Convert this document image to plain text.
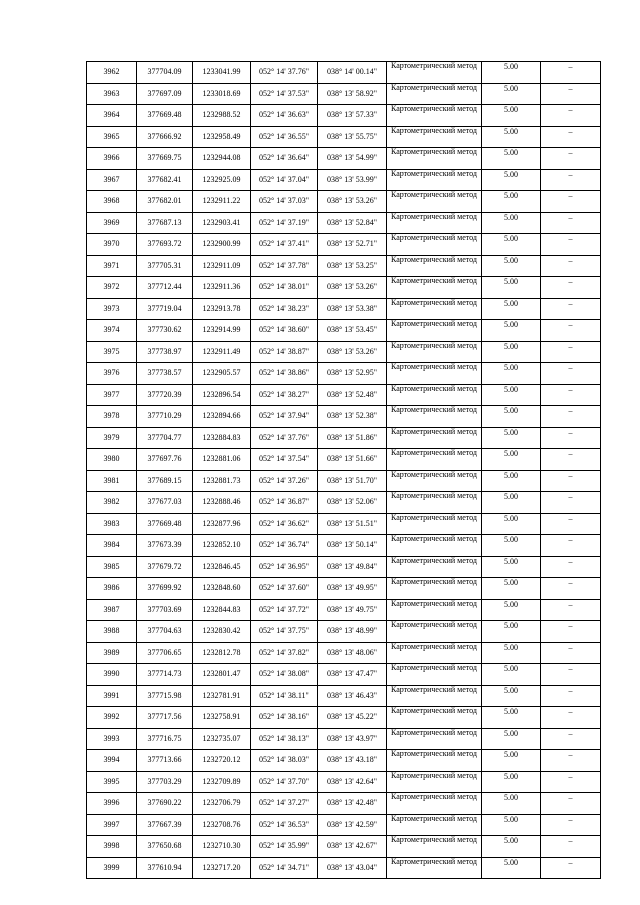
3962	377704.09	1233041.99	052° 14' 37.76"	038° 14' 00.14"	Картометрический метод	5.00	–
3963	377697.09	1233018.69	052° 14' 37.53"	038° 13' 58.92"	Картометрический метод	5.00	–
3964	377669.48	1232988.52	052° 14' 36.63"	038° 13' 57.33"	Картометрический метод	5.00	–
3965	377666.92	1232958.49	052° 14' 36.55"	038° 13' 55.75"	Картометрический метод	5.00	–
3966	377669.75	1232944.08	052° 14' 36.64"	038° 13' 54.99"	Картометрический метод	5.00	–
3967	377682.41	1232925.09	052° 14' 37.04"	038° 13' 53.99"	Картометрический метод	5.00	–
3968	377682.01	1232911.22	052° 14' 37.03"	038° 13' 53.26"	Картометрический метод	5.00	–
3969	377687.13	1232903.41	052° 14' 37.19"	038° 13' 52.84"	Картометрический метод	5.00	–
3970	377693.72	1232900.99	052° 14' 37.41"	038° 13' 52.71"	Картометрический метод	5.00	–
3971	377705.31	1232911.09	052° 14' 37.78"	038° 13' 53.25"	Картометрический метод	5.00	–
3972	377712.44	1232911.36	052° 14' 38.01"	038° 13' 53.26"	Картометрический метод	5.00	–
3973	377719.04	1232913.78	052° 14' 38.23"	038° 13' 53.38"	Картометрический метод	5.00	–
3974	377730.62	1232914.99	052° 14' 38.60"	038° 13' 53.45"	Картометрический метод	5.00	–
3975	377738.97	1232911.49	052° 14' 38.87"	038° 13' 53.26"	Картометрический метод	5.00	–
3976	377738.57	1232905.57	052° 14' 38.86"	038° 13' 52.95"	Картометрический метод	5.00	–
3977	377720.39	1232896.54	052° 14' 38.27"	038° 13' 52.48"	Картометрический метод	5.00	–
3978	377710.29	1232894.66	052° 14' 37.94"	038° 13' 52.38"	Картометрический метод	5.00	–
3979	377704.77	1232884.83	052° 14' 37.76"	038° 13' 51.86"	Картометрический метод	5.00	–
3980	377697.76	1232881.06	052° 14' 37.54"	038° 13' 51.66"	Картометрический метод	5.00	–
3981	377689.15	1232881.73	052° 14' 37.26"	038° 13' 51.70"	Картометрический метод	5.00	–
3982	377677.03	1232888.46	052° 14' 36.87"	038° 13' 52.06"	Картометрический метод	5.00	–
3983	377669.48	1232877.96	052° 14' 36.62"	038° 13' 51.51"	Картометрический метод	5.00	–
3984	377673.39	1232852.10	052° 14' 36.74"	038° 13' 50.14"	Картометрический метод	5.00	–
3985	377679.72	1232846.45	052° 14' 36.95"	038° 13' 49.84"	Картометрический метод	5.00	–
3986	377699.92	1232848.60	052° 14' 37.60"	038° 13' 49.95"	Картометрический метод	5.00	–
3987	377703.69	1232844.83	052° 14' 37.72"	038° 13' 49.75"	Картометрический метод	5.00	–
3988	377704.63	1232830.42	052° 14' 37.75"	038° 13' 48.99"	Картометрический метод	5.00	–
3989	377706.65	1232812.78	052° 14' 37.82"	038° 13' 48.06"	Картометрический метод	5.00	–
3990	377714.73	1232801.47	052° 14' 38.08"	038° 13' 47.47"	Картометрический метод	5.00	–
3991	377715.98	1232781.91	052° 14' 38.11"	038° 13' 46.43"	Картометрический метод	5.00	–
3992	377717.56	1232758.91	052° 14' 38.16"	038° 13' 45.22"	Картометрический метод	5.00	–
3993	377716.75	1232735.07	052° 14' 38.13"	038° 13' 43.97"	Картометрический метод	5.00	–
3994	377713.66	1232720.12	052° 14' 38.03"	038° 13' 43.18"	Картометрический метод	5.00	–
3995	377703.29	1232709.89	052° 14' 37.70"	038° 13' 42.64"	Картометрический метод	5.00	–
3996	377690.22	1232706.79	052° 14' 37.27"	038° 13' 42.48"	Картометрический метод	5.00	–
3997	377667.39	1232708.76	052° 14' 36.53"	038° 13' 42.59"	Картометрический метод	5.00	–
3998	377650.68	1232710.30	052° 14' 35.99"	038° 13' 42.67"	Картометрический метод	5.00	–
3999	377610.94	1232717.20	052° 14' 34.71"	038° 13' 43.04"	Картометрический метод	5.00	–
